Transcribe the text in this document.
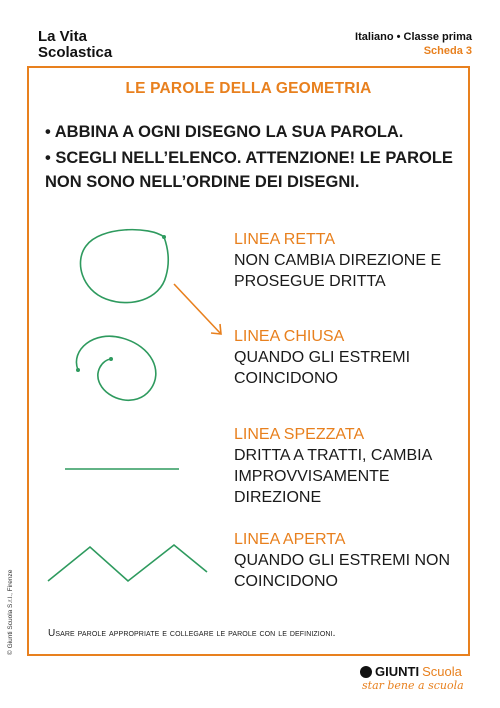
La Vita
Scolastica
Italiano • Classe prima
Scheda 3
LE PAROLE DELLA GEOMETRIA

• ABBINA A OGNI DISEGNO LA SUA PAROLA.

• SCEGLI NELL’ELENCO. ATTENZIONE! LE PAROLE NON SONO NELL’ORDINE DEI DISEGNI.

LINEA RETTA
NON CAMBIA DIREZIONE E PROSEGUE DRITTA
LINEA CHIUSA
QUANDO GLI ESTREMI COINCIDONO
LINEA SPEZZATA
DRITTA A TRATTI, CAMBIA IMPROVVISAMENTE DIREZIONE
LINEA APERTA
QUANDO GLI ESTREMI NON COINCIDONO
Usare parole appropriate e collegare le parole con le definizioni.
© Giunti Scuola S.r.l., Firenze
GIUNTI Scuola
star bene a scuola
